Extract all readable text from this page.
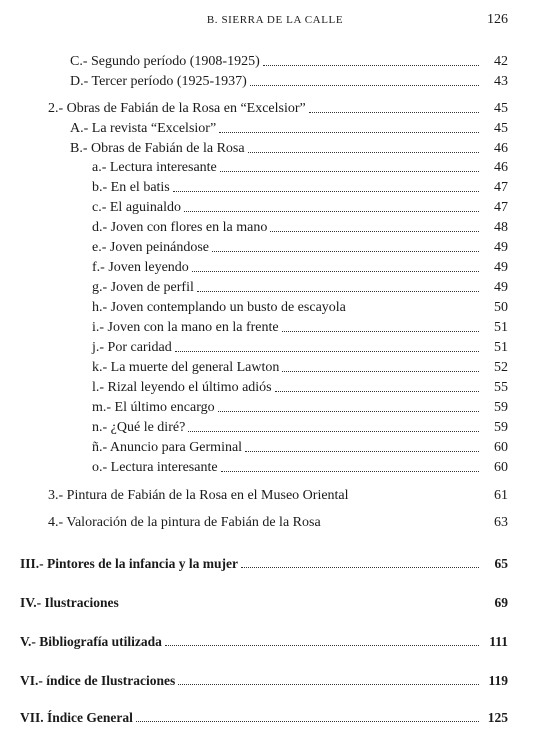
B. SIERRA DE LA CALLE	126
C.- Segundo período (1908-1925)	42
D.- Tercer período (1925-1937)	43
2.- Obras de Fabián de la Rosa en “Excelsior”	45
A.- La revista “Excelsior”	45
B.- Obras de Fabián de la Rosa	46
a.- Lectura interesante	46
b.- En el batis	47
c.- El aguinaldo	47
d.- Joven con flores en la mano	48
e.- Joven peinándose	49
f.- Joven leyendo	49
g.- Joven de perfil	49
h.- Joven contemplando un busto de escayola	50
i.- Joven con la mano en la frente	51
j.- Por caridad	51
k.- La muerte del general Lawton	52
l.- Rizal leyendo el último adiós	55
m.- El último encargo	59
n.- ¿Qué le diré?	59
ñ.- Anuncio para Germinal	60
o.- Lectura interesante	60
3.- Pintura de Fabián de la Rosa en el Museo Oriental	61
4.- Valoración de la pintura de Fabián de la Rosa	63
III.- Pintores de la infancia y la mujer	65
IV.- Ilustraciones	69
V.- Bibliografía utilizada	111
VI.- índice de Ilustraciones	119
VII. Índice General	125
